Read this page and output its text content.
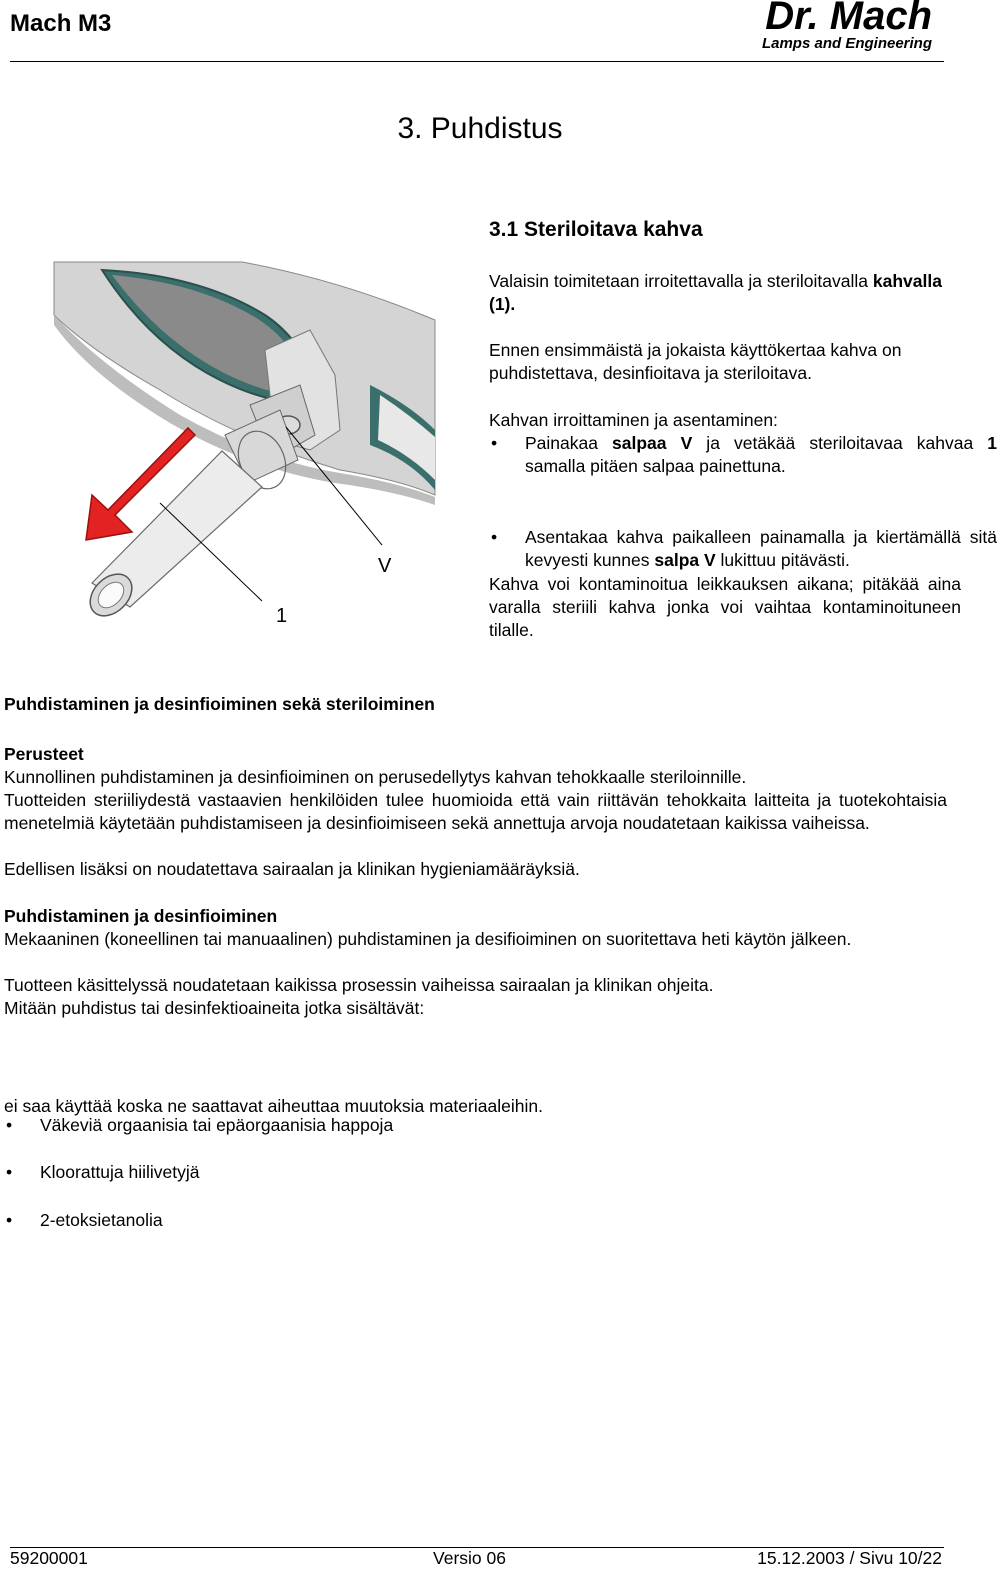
Mach M3	Dr. Mach
Lamps and Engineering
3. Puhdistus
3.1 Steriloitava kahva
V
1
Valaisin toimitetaan irroitettavalla ja steriloitavalla kahvalla (1).
Ennen ensimmäistä ja jokaista käyttökertaa kahva on puhdistettava, desinfioitava ja steriloitava.
Kahvan irroittaminen ja asentaminen:
• Painakaa salpaa V ja vetäkää steriloitavaa kahvaa 1 samalla pitäen salpaa painettuna.
• Asentakaa kahva paikalleen painamalla ja kiertämällä sitä kevyesti kunnes salpa V lukittuu pitävästi.
Kahva voi kontaminoitua leikkauksen aikana; pitäkää aina varalla steriili kahva jonka voi vaihtaa kontaminoituneen tilalle.
Puhdistaminen ja desinfioiminen sekä steriloiminen
Perusteet
Kunnollinen puhdistaminen ja desinfioiminen on perusedellytys kahvan tehokkaalle steriloinnille.
Tuotteiden steriiliydestä vastaavien henkilöiden tulee huomioida että vain riittävän tehokkaita laitteita ja tuotekohtaisia menetelmiä käytetään puhdistamiseen ja desinfioimiseen sekä annettuja arvoja noudatetaan kaikissa vaiheissa.
Edellisen lisäksi on noudatettava sairaalan ja klinikan hygieniamääräyksiä.
Puhdistaminen ja desinfioiminen
Mekaaninen (koneellinen tai manuaalinen) puhdistaminen ja desifioiminen on suoritettava heti käytön jälkeen.
Tuotteen käsittelyssä noudatetaan kaikissa prosessin vaiheissa sairaalan ja klinikan ohjeita.
Mitään puhdistus tai desinfektioaineita jotka sisältävät:
• Väkeviä orgaanisia tai epäorgaanisia happoja
• Kloorattuja hiilivetyjä
• 2-etoksietanolia
ei saa käyttää koska ne saattavat aiheuttaa muutoksia materiaaleihin.
59200001	Versio 06	15.12.2003 / Sivu 10/22
